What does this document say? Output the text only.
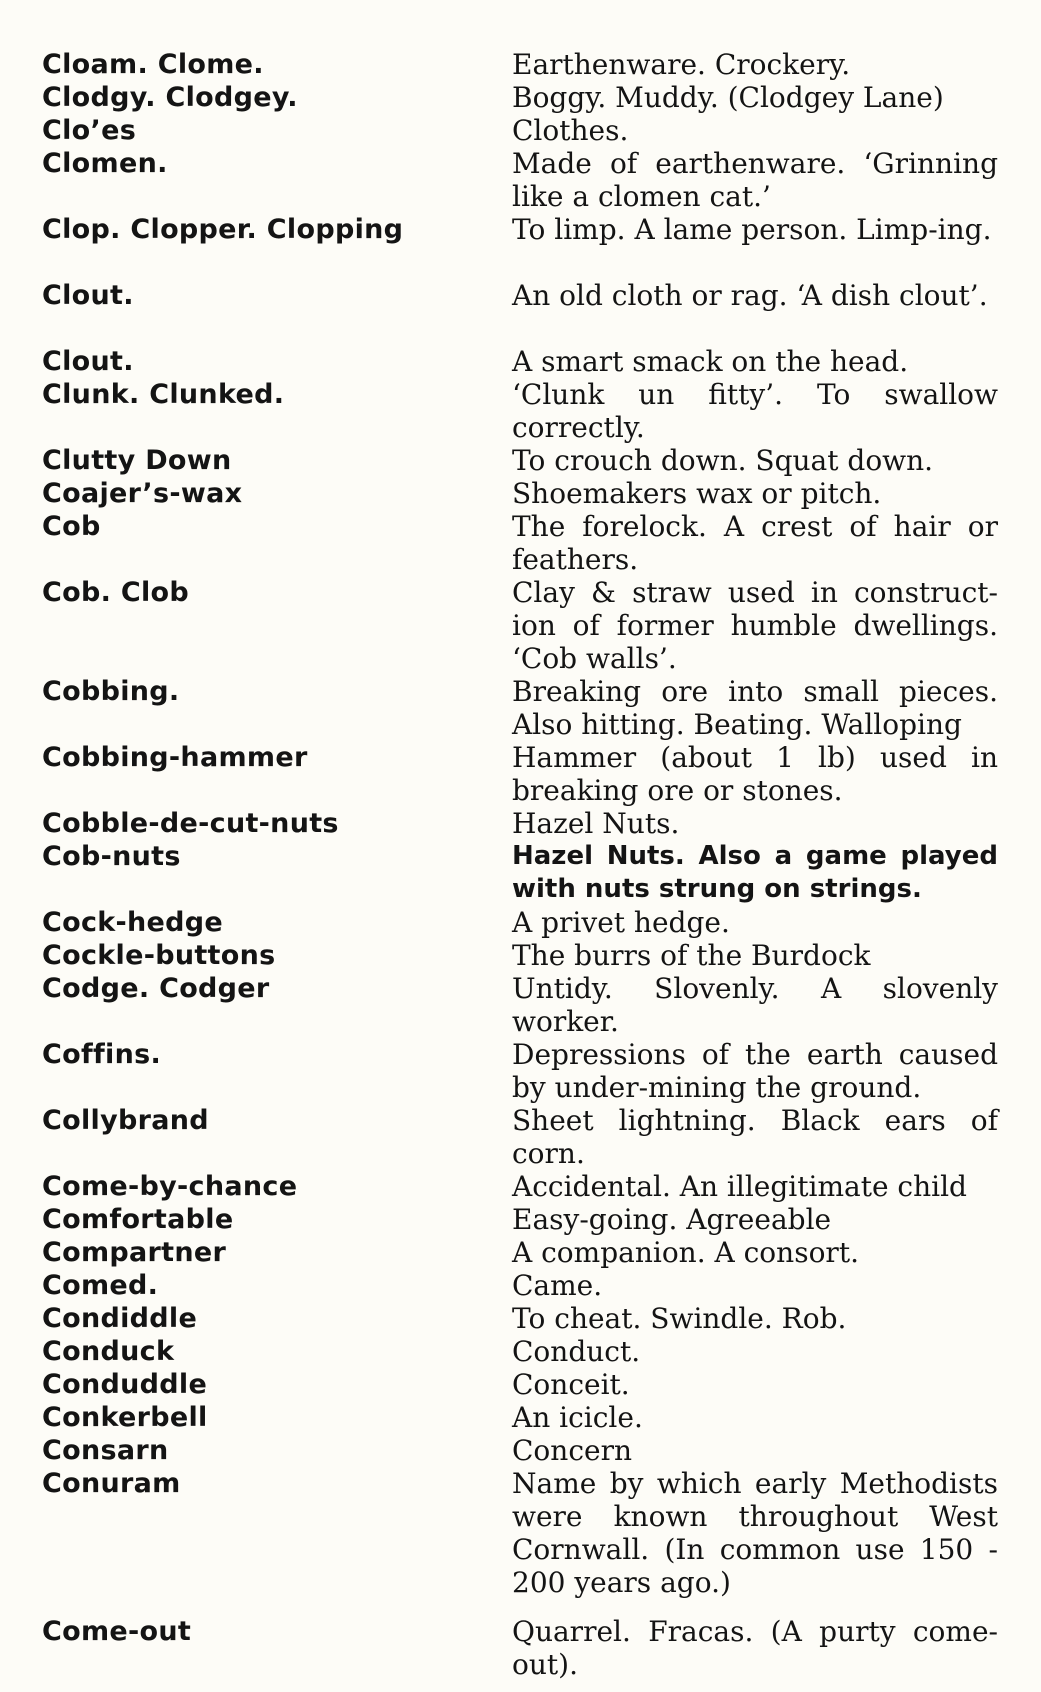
Cloam. Clome.	Earthenware. Crockery.
Clodgy. Clodgey.	Boggy. Muddy. (Clodgey Lane)
Clo’es	Clothes.
Clomen.	Made of earthenware. ‘Grinning like a clomen cat.’
Clop. Clopper. Clopping	To limp. A lame person. Limp-ing.
Clout.	An old cloth or rag. ‘A dish clout’.
Clout.	A smart smack on the head.
Clunk. Clunked.	‘Clunk un fitty’. To swallow correctly.
Clutty Down	To crouch down. Squat down.
Coajer’s-wax	Shoemakers wax or pitch.
Cob	The forelock. A crest of hair or feathers.
Cob. Clob	Clay & straw used in construct-ion of former humble dwellings. ‘Cob walls’.
Cobbing.	Breaking ore into small pieces. Also hitting. Beating. Walloping
Cobbing-hammer	Hammer (about 1 lb) used in breaking ore or stones.
Cobble-de-cut-nuts	Hazel Nuts.
Cob-nuts	Hazel Nuts. Also a game played with nuts strung on strings.
Cock-hedge	A privet hedge.
Cockle-buttons	The burrs of the Burdock
Codge. Codger	Untidy. Slovenly. A slovenly worker.
Coffins.	Depressions of the earth caused by under-mining the ground.
Collybrand	Sheet lightning. Black ears of corn.
Come-by-chance	Accidental. An illegitimate child
Comfortable	Easy-going. Agreeable
Compartner	A companion. A consort.
Comed.	Came.
Condiddle	To cheat. Swindle. Rob.
Conduck	Conduct.
Conduddle	Conceit.
Conkerbell	An icicle.
Consarn	Concern
Conuram	Name by which early Methodists were known throughout West Cornwall. (In common use 150 - 200 years ago.)
Come-out	Quarrel. Fracas. (A purty come-out).
